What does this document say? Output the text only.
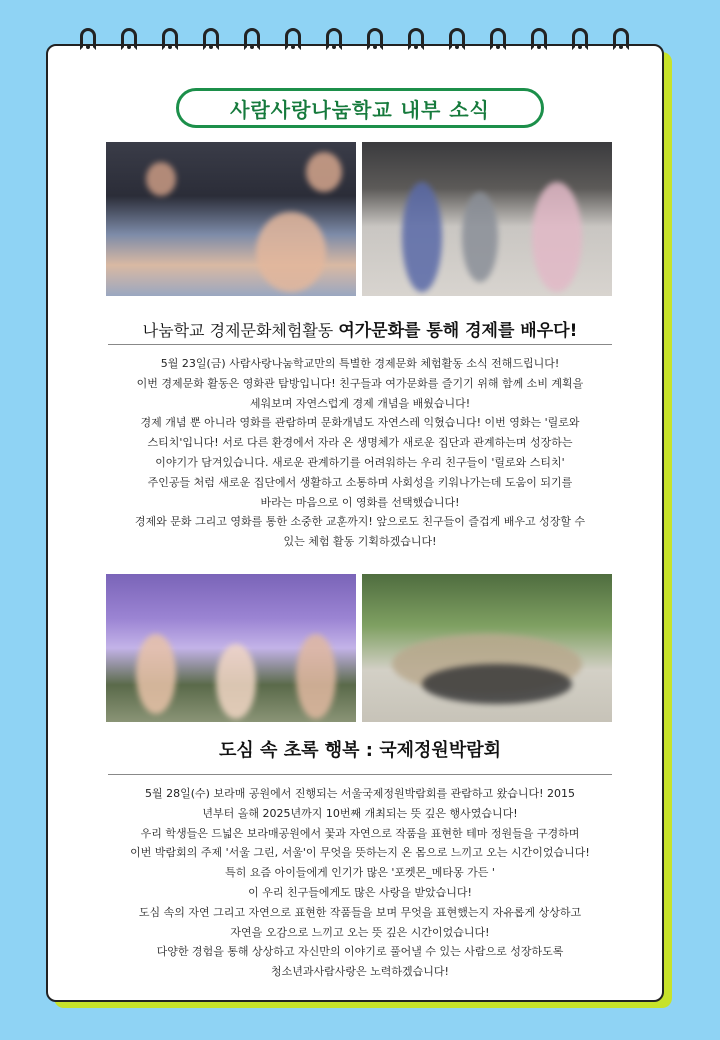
사람사랑나눔학교 내부 소식
나눔학교 경제문화체험활동 여가문화를 통해 경제를 배우다!

5월 23일(금) 사람사랑나눔학교만의 특별한 경제문화 체험활동 소식 전해드립니다!

이번 경제문화 활동은 영화관 탐방입니다! 친구들과 여가문화를 즐기기 위해 함께 소비 계획을

세워보며 자연스럽게 경제 개념을 배웠습니다!

경제 개념 뿐 아니라 영화를 관람하며 문화개념도 자연스레 익혔습니다! 이번 영화는 '릴로와

스티치'입니다! 서로 다른 환경에서 자라 온 생명체가 새로운 집단과 관계하는며 성장하는

이야기가 담겨있습니다. 새로운 관계하기를 어려워하는 우리 친구들이 '릴로와 스티치'

주인공들 처럼 새로운 집단에서 생활하고 소통하며 사회성을 키워나가는데 도움이 되기를

바라는 마음으로 이 영화를 선택했습니다!

경제와 문화 그리고 영화를 통한 소중한 교훈까지! 앞으로도 친구들이 즐겁게 배우고 성장할 수

있는 체험 활동 기획하겠습니다!

도심 속 초록 행복 : 국제정원박람회

5월 28일(수) 보라매 공원에서 진행되는 서울국제정원박람회를 관람하고 왔습니다! 2015

년부터 올해 2025년까지 10번째 개최되는 뜻 깊은 행사였습니다!

우리 학생들은 드넓은 보라매공원에서 꽃과 자연으로 작품을 표현한 테마 정원들을 구경하며

이번 박람회의 주제 '서울 그린, 서울'이 무엇을 뜻하는지 온 몸으로 느끼고 오는 시간이었습니다!

특히 요즘 아이들에게 인기가 많은 '포켓몬_메타몽 가든 '

이 우리 친구들에게도 많은 사랑을 받았습니다!

도심 속의 자연 그리고 자연으로 표현한 작품들을 보며 무엇을 표현했는지 자유롭게 상상하고

자연을 오감으로 느끼고 오는 뜻 깊은 시간이었습니다!

다양한 경험을 통해 상상하고 자신만의 이야기로 풀어낼 수 있는 사람으로 성장하도록

청소년과사람사랑은 노력하겠습니다!
